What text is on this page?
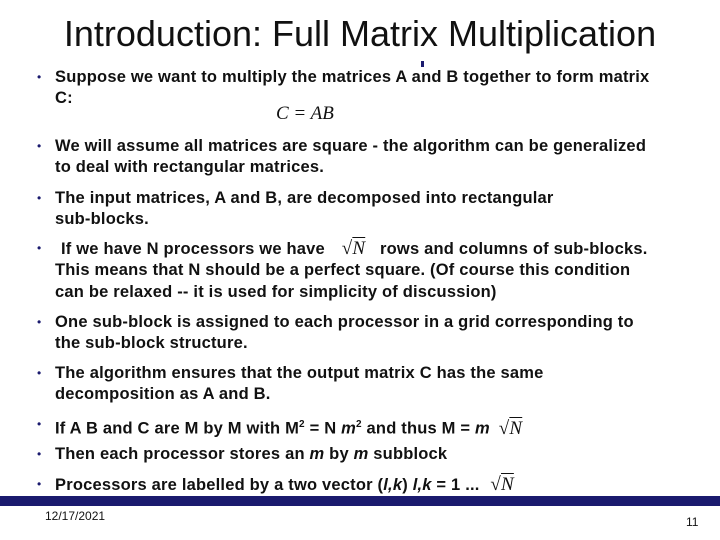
Introduction: Full Matrix Multiplication
• Suppose we want to multiply the matrices A and B together to form matrix
C:
C = AB
• We will assume all matrices are square - the algorithm can be generalized
to deal with rectangular matrices.
• The input matrices, A and B, are decomposed into rectangular
sub-blocks.
• If we have N processors we have √N rows and columns of sub-blocks.
This means that N should be a perfect square. (Of course this condition
can be relaxed -- it is used for simplicity of discussion)
• One sub-block is assigned to each processor in a grid corresponding to
the sub-block structure.
• The algorithm ensures that the output matrix C has the same
decomposition as A and B.
• If A B and C are M by M with $M^2 = N$ $m^2$ and thus M = m √N
• Then each processor stores an m by m subblock
• Processors are labelled by a two vector (l,k) l,k = 1 ... √N
12/17/2021	11
